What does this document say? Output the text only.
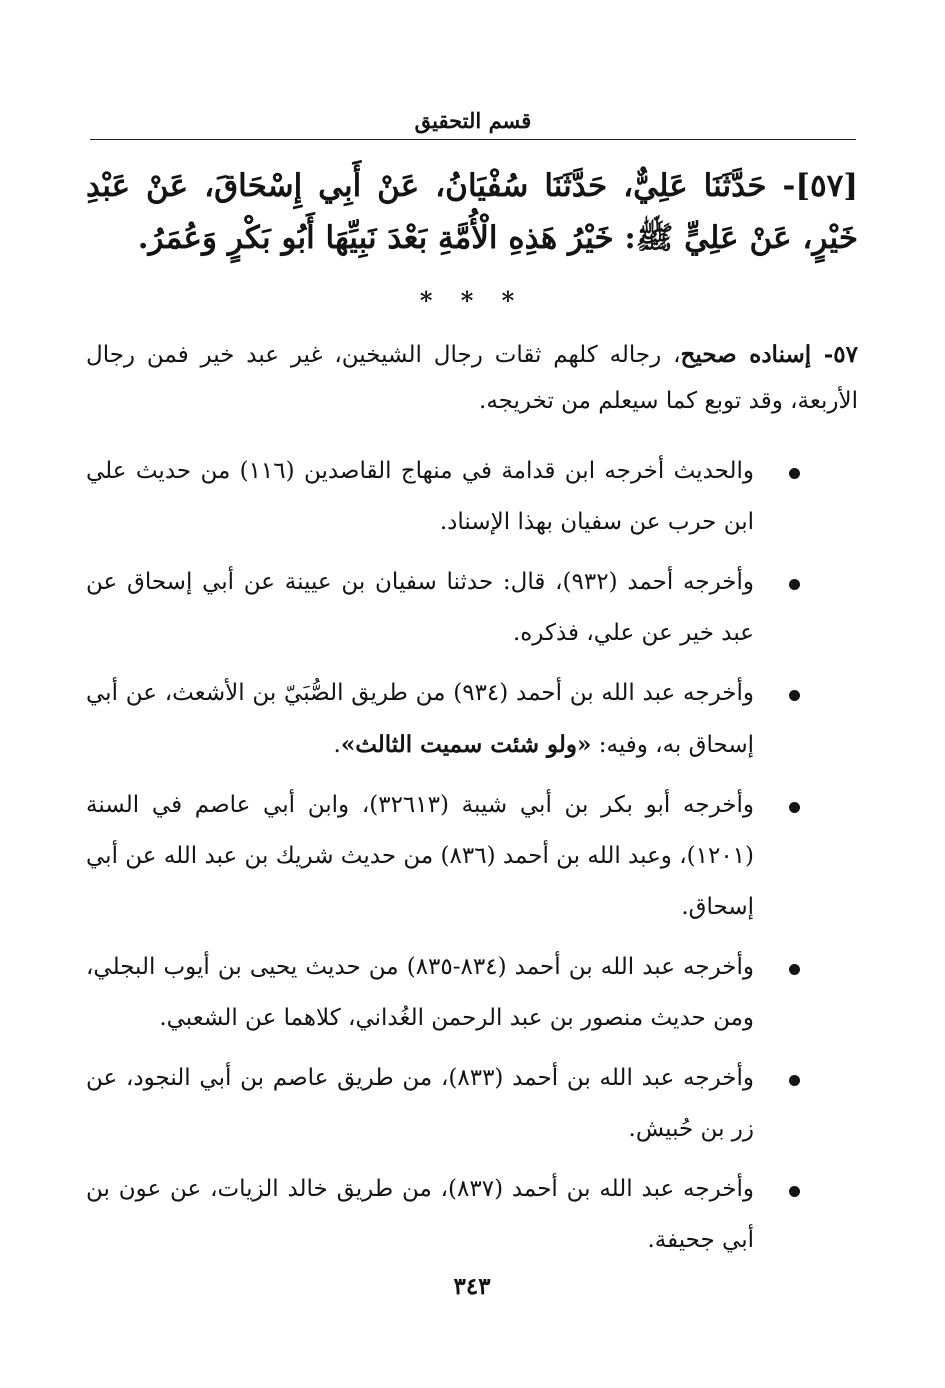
قسم التحقيق
[٥٧]- حَدَّثَنَا عَلِيٌّ، حَدَّثَنَا سُفْيَانُ، عَنْ أَبِي إِسْحَاقَ، عَنْ عَبْدِ خَيْرٍ، عَنْ عَلِيٍّ ﷺ: خَيْرُ هَذِهِ الْأُمَّةِ بَعْدَ نَبِيِّهَا أَبُو بَكْرٍ وَعُمَرُ.
* * *
٥٧- إسناده صحيح، رجاله كلهم ثقات رجال الشيخين، غير عبد خير فمن رجال الأربعة، وقد توبع كما سيعلم من تخريجه.
والحديث أخرجه ابن قدامة في منهاج القاصدين (١١٦) من حديث علي ابن حرب عن سفيان بهذا الإسناد.
وأخرجه أحمد (٩٣٢)، قال: حدثنا سفيان بن عيينة عن أبي إسحاق عن عبد خير عن علي، فذكره.
وأخرجه عبد الله بن أحمد (٩٣٤) من طريق الصُّبَيّ بن الأشعث، عن أبي إسحاق به، وفيه: «ولو شئت سميت الثالث».
وأخرجه أبو بكر بن أبي شيبة (٣٢٦١٣)، وابن أبي عاصم في السنة (١٢٠١)، وعبد الله بن أحمد (٨٣٦) من حديث شريك بن عبد الله عن أبي إسحاق.
وأخرجه عبد الله بن أحمد (٨٣٤-٨٣٥) من حديث يحيى بن أيوب البجلي، ومن حديث منصور بن عبد الرحمن الغُداني، كلاهما عن الشعبي.
وأخرجه عبد الله بن أحمد (٨٣٣)، من طريق عاصم بن أبي النجود، عن زر بن حُبيش.
وأخرجه عبد الله بن أحمد (٨٣٧)، من طريق خالد الزيات، عن عون بن أبي جحيفة.
٣٤٣
